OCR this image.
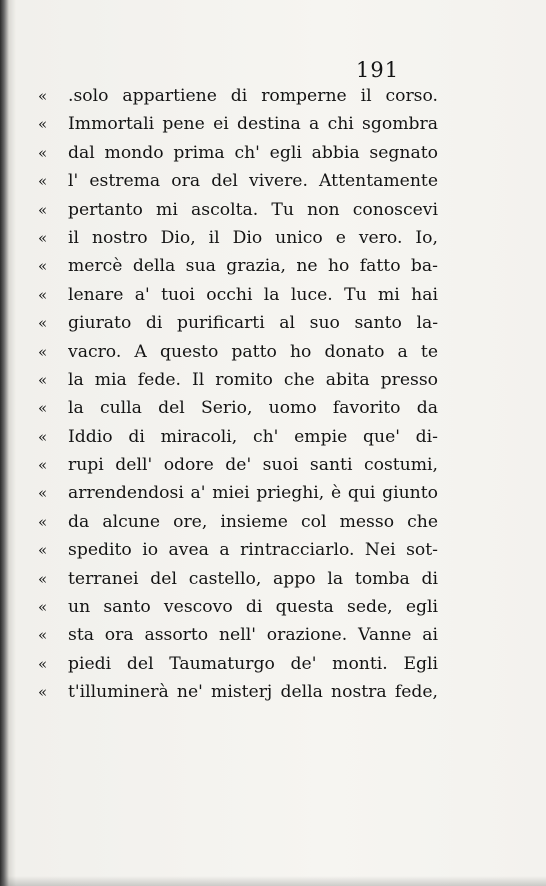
191
«	.solo appartiene di romperne il corso.
«	Immortali pene ei destina a chi sgombra
«	dal mondo prima ch' egli abbia segnato
«	l' estrema ora del vivere. Attentamente
«	pertanto mi ascolta. Tu non conoscevi
«	il nostro Dio, il Dio unico e vero. Io,
«	mercè della sua grazia, ne ho fatto ba-
«	lenare a' tuoi occhi la luce. Tu mi hai
«	giurato di purificarti al suo santo la-
«	vacro. A questo patto ho donato a te
«	la mia fede. Il romito che abita presso
«	la culla del Serio, uomo favorito da
«	Iddio di miracoli, ch' empie que' di-
«	rupi dell' odore de' suoi santi costumi,
«	arrendendosi a' miei prieghi, è qui giunto
«	da alcune ore, insieme col messo che
«	spedito io avea a rintracciarlo. Nei sot-
«	terranei del castello, appo la tomba di
«	un santo vescovo di questa sede, egli
«	sta ora assorto nell' orazione. Vanne ai
«	piedi del Taumaturgo de' monti. Egli
«	t'illuminerà ne' misterj della nostra fede,
